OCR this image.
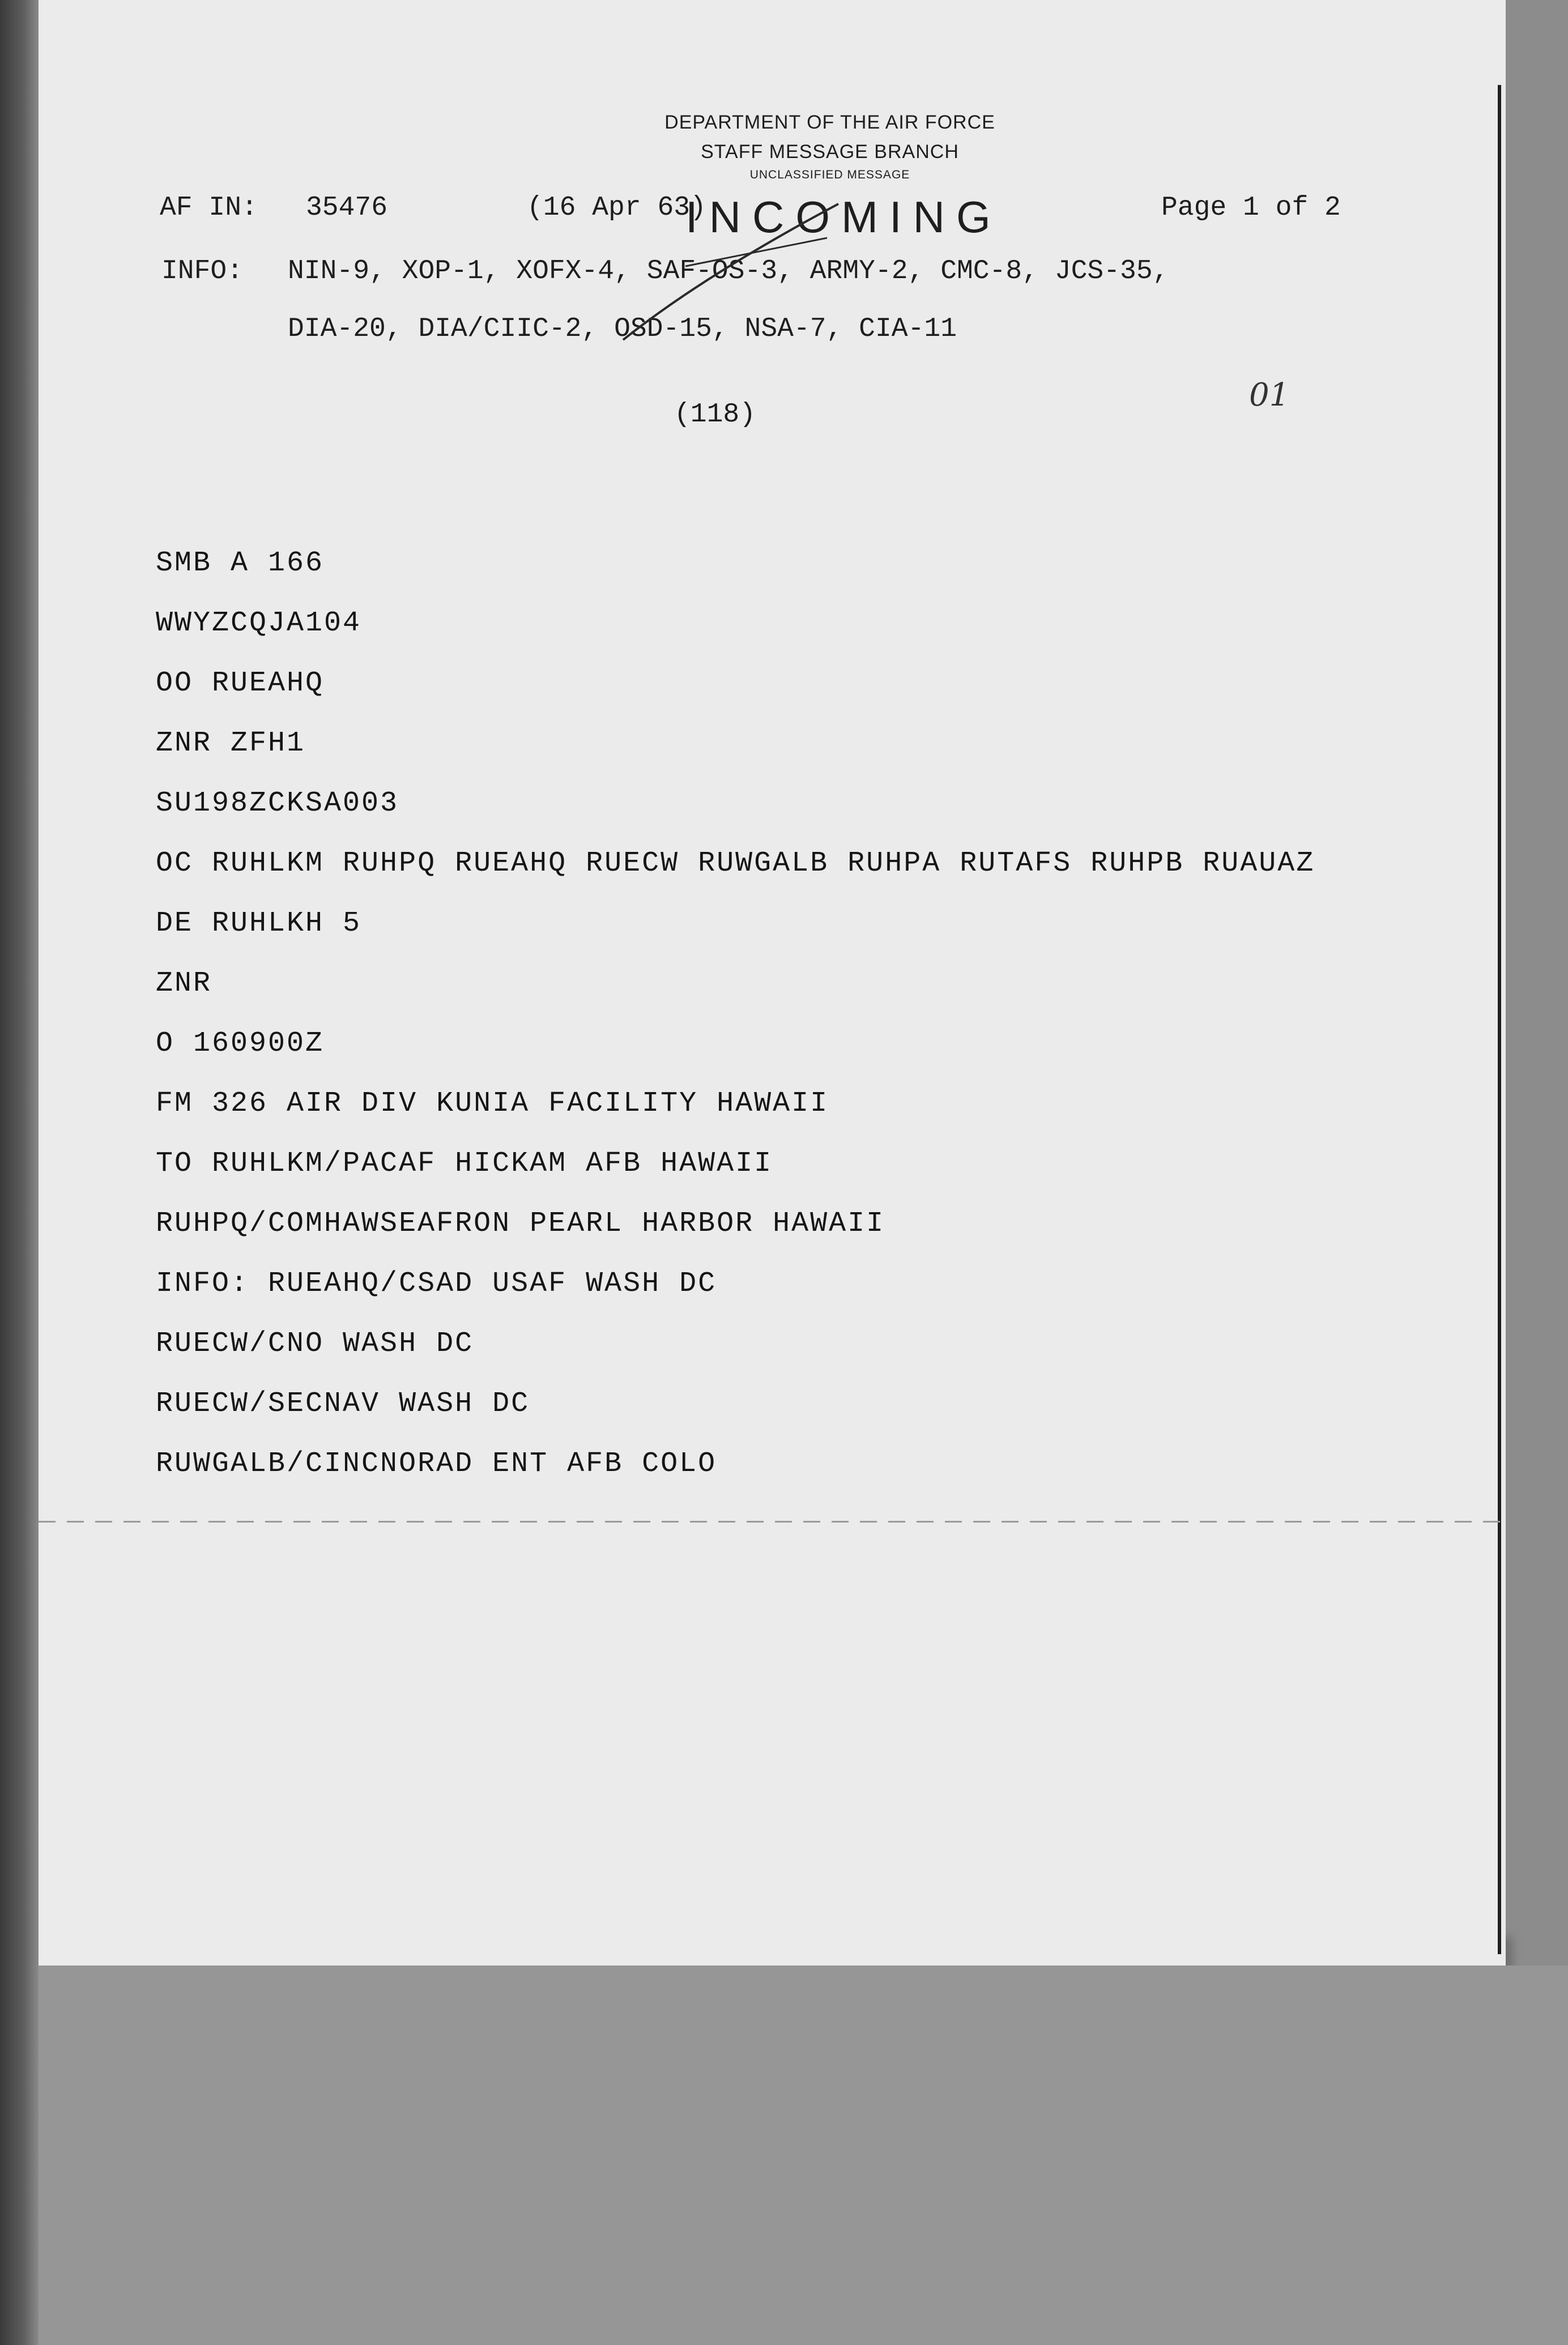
DEPARTMENT OF THE AIR FORCE
STAFF MESSAGE BRANCH
UNCLASSIFIED MESSAGE
AF IN: 35476	(16 Apr 63)
INCOMING	Page 1 of 2
INFO: NIN-9, XOP-1, XOFX-4, SAF-OS-3, ARMY-2, CMC-8, JCS-35,
DIA-20, DIA/CIIC-2, OSD-15, NSA-7, CIA-11
(118)
01
SMB A 166
WWYZCQJA104
OO RUEAHQ
ZNR ZFH1
SU198ZCKSA003
OC RUHLKM RUHPQ RUEAHQ RUECW RUWGALB RUHPA RUTAFS RUHPB RUAUAZ
DE RUHLKH 5
ZNR
O 160900Z
FM 326 AIR DIV KUNIA FACILITY HAWAII
TO RUHLKM/PACAF HICKAM AFB HAWAII
RUHPQ/COMHAWSEAFRON PEARL HARBOR HAWAII
INFO: RUEAHQ/CSAD USAF WASH DC
RUECW/CNO WASH DC
RUECW/SECNAV WASH DC
RUWGALB/CINCNORAD ENT AFB COLO
